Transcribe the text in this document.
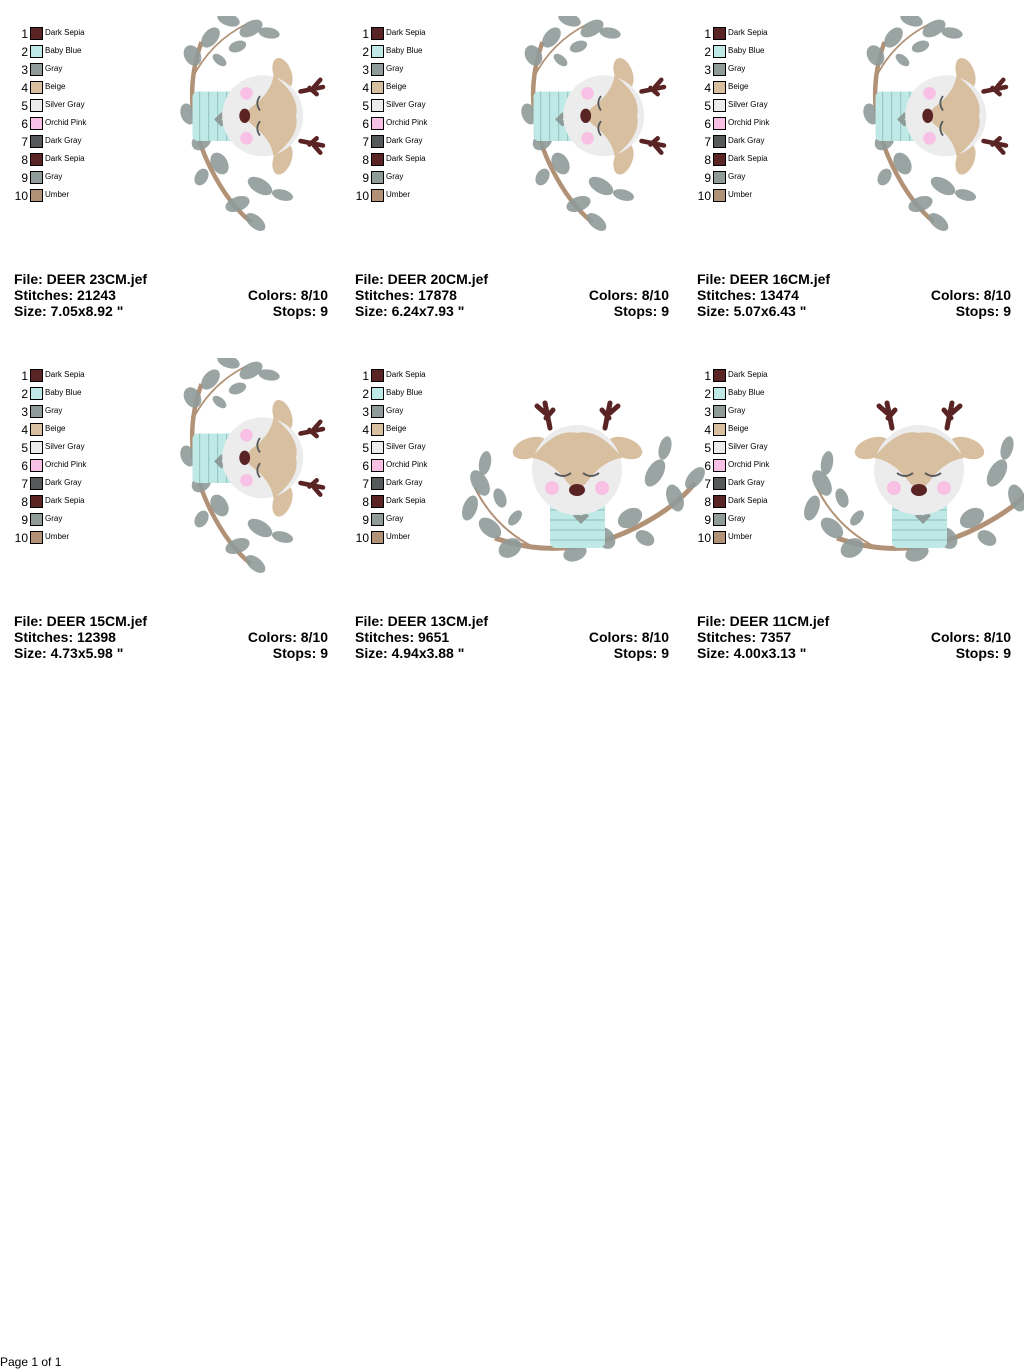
1 Dark Sepia
2 Baby Blue
3 Gray
4 Beige
5 Silver Gray
6 Orchid Pink
7 Dark Gray
8 Dark Sepia
9 Gray
10 Umber
File: DEER 23CM.jef
Stitches: 21243
Size: 7.05x8.92 "
Colors: 8/10
Stops: 9
1 Dark Sepia
2 Baby Blue
3 Gray
4 Beige
5 Silver Gray
6 Orchid Pink
7 Dark Gray
8 Dark Sepia
9 Gray
10 Umber
File: DEER 20CM.jef
Stitches: 17878
Size: 6.24x7.93 "
Colors: 8/10
Stops: 9
1 Dark Sepia
2 Baby Blue
3 Gray
4 Beige
5 Silver Gray
6 Orchid Pink
7 Dark Gray
8 Dark Sepia
9 Gray
10 Umber
File: DEER 16CM.jef
Stitches: 13474
Size: 5.07x6.43 "
Colors: 8/10
Stops: 9
1 Dark Sepia
2 Baby Blue
3 Gray
4 Beige
5 Silver Gray
6 Orchid Pink
7 Dark Gray
8 Dark Sepia
9 Gray
10 Umber
File: DEER 15CM.jef
Stitches: 12398
Size: 4.73x5.98 "
Colors: 8/10
Stops: 9
1 Dark Sepia
2 Baby Blue
3 Gray
4 Beige
5 Silver Gray
6 Orchid Pink
7 Dark Gray
8 Dark Sepia
9 Gray
10 Umber
File: DEER 13CM.jef
Stitches: 9651
Size: 4.94x3.88 "
Colors: 8/10
Stops: 9
1 Dark Sepia
2 Baby Blue
3 Gray
4 Beige
5 Silver Gray
6 Orchid Pink
7 Dark Gray
8 Dark Sepia
9 Gray
10 Umber
File: DEER 11CM.jef
Stitches: 7357
Size: 4.00x3.13 "
Colors: 8/10
Stops: 9
Page 1 of 1
